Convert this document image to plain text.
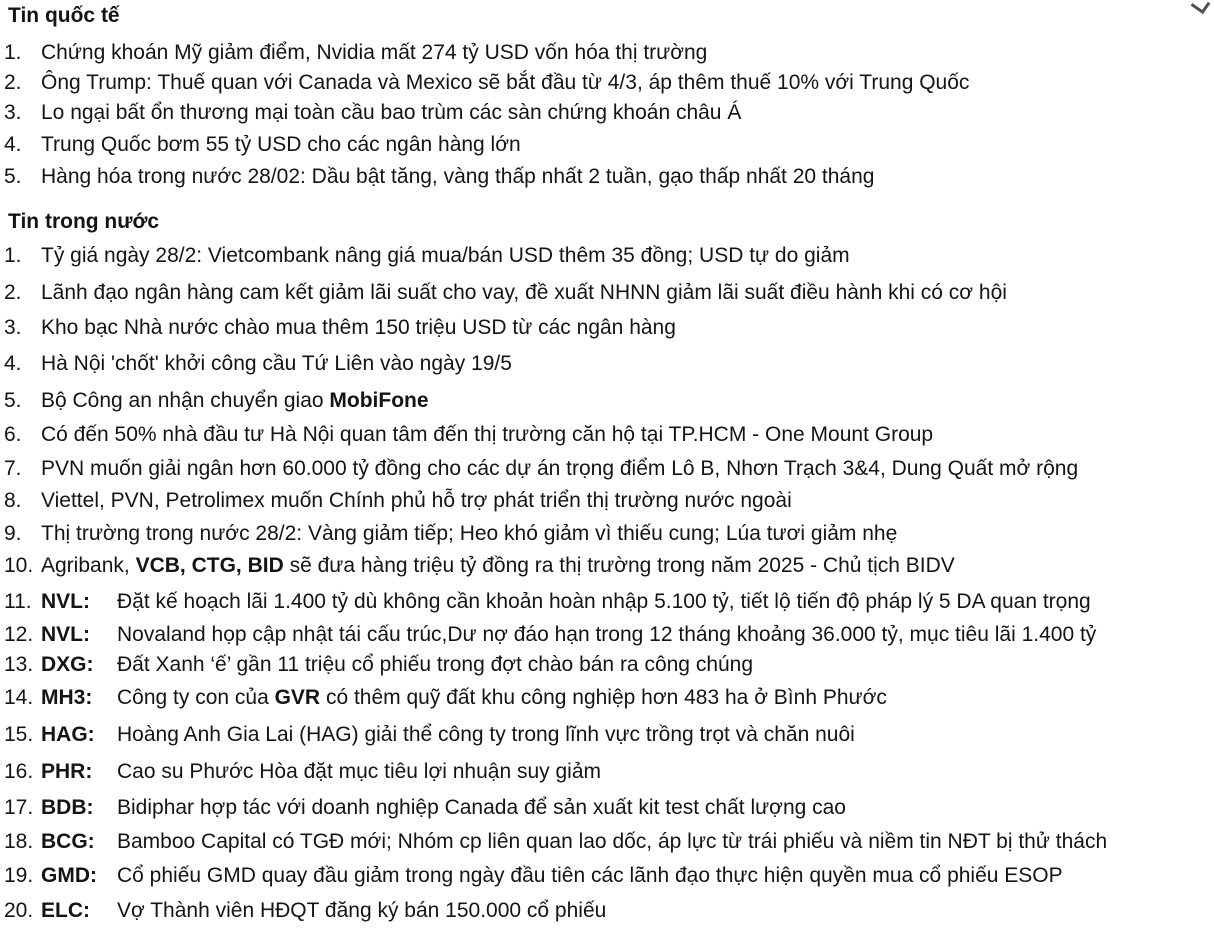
Tin quốc tế
1. Chứng khoán Mỹ giảm điểm, Nvidia mất 274 tỷ USD vốn hóa thị trường
2. Ông Trump: Thuế quan với Canada và Mexico sẽ bắt đầu từ 4/3, áp thêm thuế 10% với Trung Quốc
3. Lo ngại bất ổn thương mại toàn cầu bao trùm các sàn chứng khoán châu Á
4. Trung Quốc bơm 55 tỷ USD cho các ngân hàng lớn
5. Hàng hóa trong nước 28/02: Dầu bật tăng, vàng thấp nhất 2 tuần, gạo thấp nhất 20 tháng
Tin trong nước
1. Tỷ giá ngày 28/2: Vietcombank nâng giá mua/bán USD thêm 35 đồng; USD tự do giảm
2. Lãnh đạo ngân hàng cam kết giảm lãi suất cho vay, đề xuất NHNN giảm lãi suất điều hành khi có cơ hội
3. Kho bạc Nhà nước chào mua thêm 150 triệu USD từ các ngân hàng
4. Hà Nội 'chốt' khởi công cầu Tứ Liên vào ngày 19/5
5. Bộ Công an nhận chuyển giao MobiFone
6. Có đến 50% nhà đầu tư Hà Nội quan tâm đến thị trường căn hộ tại TP.HCM - One Mount Group
7. PVN muốn giải ngân hơn 60.000 tỷ đồng cho các dự án trọng điểm Lô B, Nhơn Trạch 3&4, Dung Quất mở rộng
8. Viettel, PVN, Petrolimex muốn Chính phủ hỗ trợ phát triển thị trường nước ngoài
9. Thị trường trong nước 28/2: Vàng giảm tiếp; Heo khó giảm vì thiếu cung; Lúa tươi giảm nhẹ
10. Agribank, VCB, CTG, BID sẽ đưa hàng triệu tỷ đồng ra thị trường trong năm 2025 - Chủ tịch BIDV
11. NVL: Đặt kế hoạch lãi 1.400 tỷ dù không cần khoản hoàn nhập 5.100 tỷ, tiết lộ tiến độ pháp lý 5 DA quan trọng
12. NVL: Novaland họp cập nhật tái cấu trúc,Dư nợ đáo hạn trong 12 tháng khoảng 36.000 tỷ, mục tiêu lãi 1.400 tỷ
13. DXG: Đất Xanh ‘ế’ gần 11 triệu cổ phiếu trong đợt chào bán ra công chúng
14. MH3: Công ty con của GVR có thêm quỹ đất khu công nghiệp hơn 483 ha ở Bình Phước
15. HAG: Hoàng Anh Gia Lai (HAG) giải thể công ty trong lĩnh vực trồng trọt và chăn nuôi
16. PHR: Cao su Phước Hòa đặt mục tiêu lợi nhuận suy giảm
17. BDB: Bidiphar hợp tác với doanh nghiệp Canada để sản xuất kit test chất lượng cao
18. BCG: Bamboo Capital có TGĐ mới; Nhóm cp liên quan lao dốc, áp lực từ trái phiếu và niềm tin NĐT bị thử thách
19. GMD: Cổ phiếu GMD quay đầu giảm trong ngày đầu tiên các lãnh đạo thực hiện quyền mua cổ phiếu ESOP
20. ELC: Vợ Thành viên HĐQT đăng ký bán 150.000 cổ phiếu
